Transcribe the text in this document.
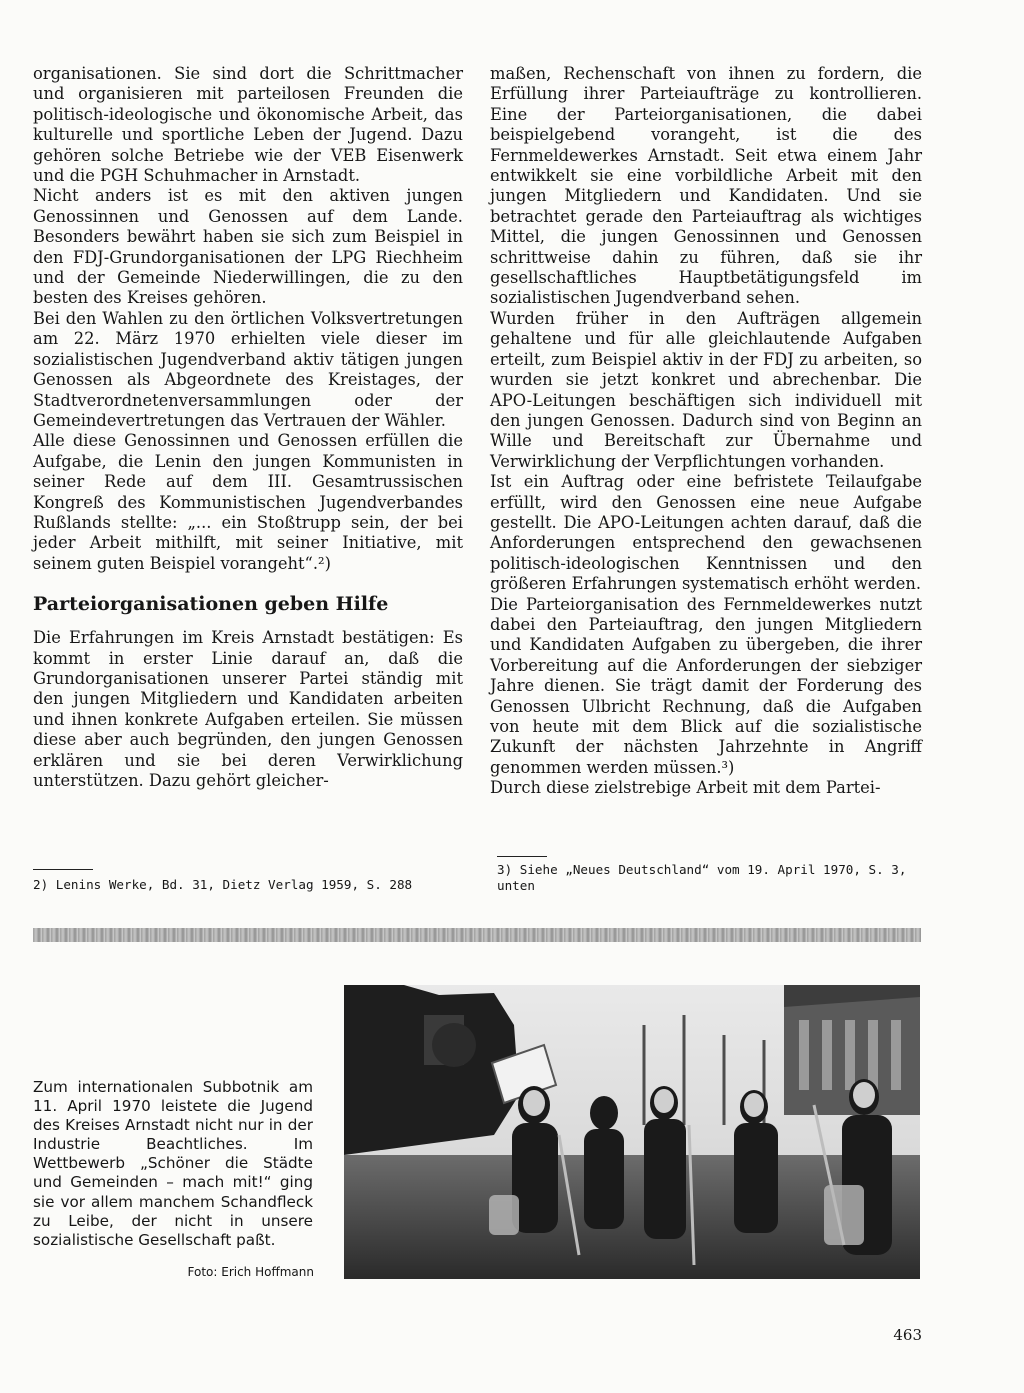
organisationen. Sie sind dort die Schrittmacher und organisieren mit parteilosen Freunden die politisch-ideologische und ökonomische Arbeit, das kulturelle und sportliche Leben der Jugend. Dazu gehören solche Betriebe wie der VEB Eisenwerk und die PGH Schuhmacher in Arnstadt.

Nicht anders ist es mit den aktiven jungen Genossinnen und Genossen auf dem Lande. Besonders bewährt haben sie sich zum Beispiel in den FDJ-Grundorganisationen der LPG Riechheim und der Gemeinde Niederwillingen, die zu den besten des Kreises gehören.

Bei den Wahlen zu den örtlichen Volksvertretungen am 22. März 1970 erhielten viele dieser im sozialistischen Jugendverband aktiv tätigen jungen Genossen als Abgeordnete des Kreistages, der Stadtverordnetenversammlungen oder der Gemeindevertretungen das Vertrauen der Wähler.

Alle diese Genossinnen und Genossen erfüllen die Aufgabe, die Lenin den jungen Kommunisten in seiner Rede auf dem III. Gesamtrussischen Kongreß des Kommunistischen Jugendverbandes Rußlands stellte: „... ein Stoßtrupp sein, der bei jeder Arbeit mithilft, mit seiner Initiative, mit seinem guten Beispiel vorangeht“.²)

Parteiorganisationen geben Hilfe

Die Erfahrungen im Kreis Arnstadt bestätigen: Es kommt in erster Linie darauf an, daß die Grundorganisationen unserer Partei ständig mit den jungen Mitgliedern und Kandidaten arbeiten und ihnen konkrete Aufgaben erteilen. Sie müssen diese aber auch begründen, den jungen Genossen erklären und sie bei deren Verwirklichung unterstützen. Dazu gehört gleicher-

2) Lenins Werke, Bd. 31, Dietz Verlag 1959, S. 288

maßen, Rechenschaft von ihnen zu fordern, die Erfüllung ihrer Parteiaufträge zu kontrollieren. Eine der Parteiorganisationen, die dabei beispielgebend vorangeht, ist die des Fernmeldewerkes Arnstadt. Seit etwa einem Jahr entwikkelt sie eine vorbildliche Arbeit mit den jungen Mitgliedern und Kandidaten. Und sie betrachtet gerade den Parteiauftrag als wichtiges Mittel, die jungen Genossinnen und Genossen schrittweise dahin zu führen, daß sie ihr gesellschaftliches Hauptbetätigungsfeld im sozialistischen Jugendverband sehen.

Wurden früher in den Aufträgen allgemein gehaltene und für alle gleichlautende Aufgaben erteilt, zum Beispiel aktiv in der FDJ zu arbeiten, so wurden sie jetzt konkret und abrechenbar. Die APO-Leitungen beschäftigen sich individuell mit den jungen Genossen. Dadurch sind von Beginn an Wille und Bereitschaft zur Übernahme und Verwirklichung der Verpflichtungen vorhanden.

Ist ein Auftrag oder eine befristete Teilaufgabe erfüllt, wird den Genossen eine neue Aufgabe gestellt. Die APO-Leitungen achten darauf, daß die Anforderungen entsprechend den gewachsenen politisch-ideologischen Kenntnissen und den größeren Erfahrungen systematisch erhöht werden.

Die Parteiorganisation des Fernmeldewerkes nutzt dabei den Parteiauftrag, den jungen Mitgliedern und Kandidaten Aufgaben zu übergeben, die ihrer Vorbereitung auf die Anforderungen der siebziger Jahre dienen. Sie trägt damit der Forderung des Genossen Ulbricht Rechnung, daß die Aufgaben von heute mit dem Blick auf die sozialistische Zukunft der nächsten Jahrzehnte in Angriff genommen werden müssen.³)

Durch diese zielstrebige Arbeit mit dem Partei-

3) Siehe „Neues Deutschland“ vom 19. April 1970, S. 3, unten
Zum internationalen Subbotnik am 11. April 1970 leistete die Jugend des Kreises Arnstadt nicht nur in der Industrie Beachtliches. Im Wettbewerb „Schöner die Städte und Gemeinden – mach mit!“ ging sie vor allem manchem Schandfleck zu Leibe, der nicht in unsere sozialistische Gesellschaft paßt.
Foto: Erich Hoffmann
463
